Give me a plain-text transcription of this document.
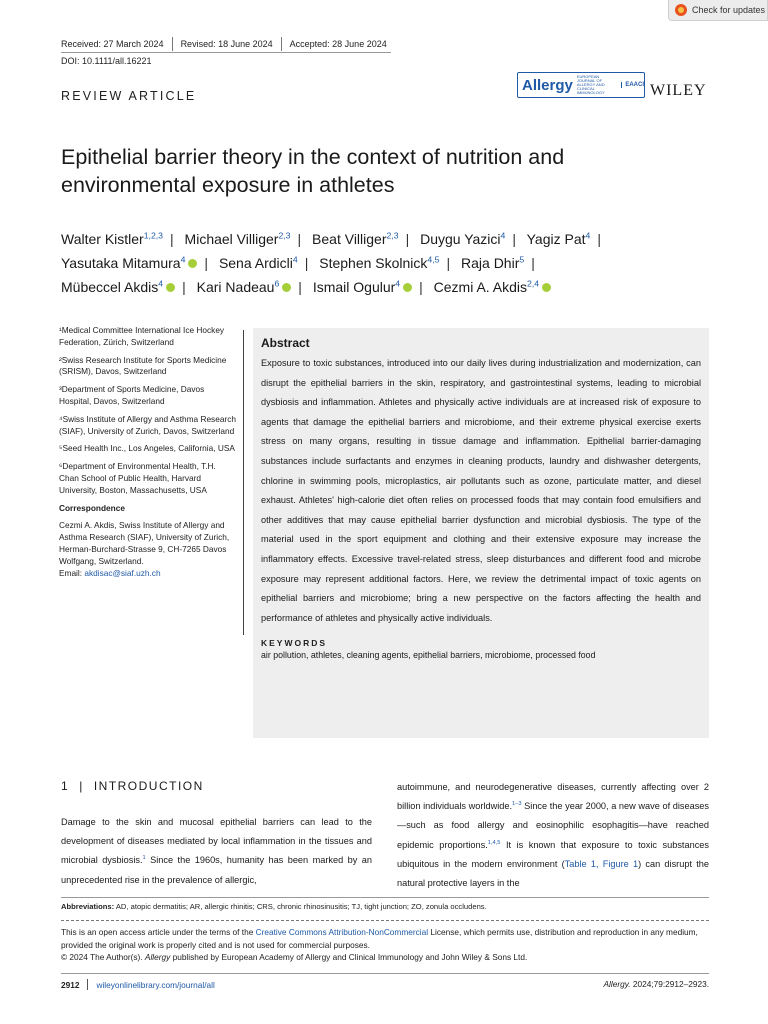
Check for updates
Received: 27 March 2024 Revised: 18 June 2024 Accepted: 28 June 2024
DOI: 10.1111/all.16221
REVIEW ARTICLE
Allergy EUROPEAN JOURNAL OF ALLERGY AND CLINICAL IMMUNOLOGY
EAACI WILEY
Epithelial barrier theory in the context of nutrition and environmental exposure in athletes
Walter Kistler$^{1,2,3}$ | Michael Villiger$^{2,3}$ | Beat Villiger$^{2,3}$ | Duygu Yazici$^4$ | Yagiz Pat$^4$ |
Yasutaka Mitamura$^4$ | Sena Ardicli$^4$ | Stephen Skolnick$^{4,5}$ | Raja Dhir$^5$ |
Mübeccel Akdis$^4$ | Kari Nadeau$^6$ | Ismail Ogulur$^4$ | Cezmi A. Akdis$^{2,4}$

¹Medical Committee International Ice Hockey Federation, Zürich, Switzerland

²Swiss Research Institute for Sports Medicine (SRISM), Davos, Switzerland

³Department of Sports Medicine, Davos Hospital, Davos, Switzerland

⁴Swiss Institute of Allergy and Asthma Research (SIAF), University of Zurich, Davos, Switzerland

⁵Seed Health Inc., Los Angeles, California, USA

⁶Department of Environmental Health, T.H. Chan School of Public Health, Harvard University, Boston, Massachusetts, USA

Correspondence

Cezmi A. Akdis, Swiss Institute of Allergy and Asthma Research (SIAF), University of Zurich, Herman-Burchard-Strasse 9, CH-7265 Davos Wolfgang, Switzerland.
Email: akdisac@siaf.uzh.ch

Abstract
Exposure to toxic substances, introduced into our daily lives during industrialization and modernization, can disrupt the epithelial barriers in the skin, respiratory, and gastrointestinal systems, leading to microbial dysbiosis and inflammation. Athletes and physically active individuals are at increased risk of exposure to agents that damage the epithelial barriers and microbiome, and their extreme physical exercise exerts stress on many organs, resulting in tissue damage and inflammation. Epithelial barrier-damaging substances include surfactants and enzymes in cleaning products, laundry and dishwasher detergents, chlorine in swimming pools, microplastics, air pollutants such as ozone, particulate matter, and diesel exhaust. Athletes' high-calorie diet often relies on processed foods that may contain food emulsifiers and other additives that may cause epithelial barrier dysfunction and microbial dysbiosis. The type of the material used in the sport equipment and clothing and their extensive exposure may increase the inflammatory effects. Excessive travel-related stress, sleep disturbances and different food and microbe exposure may represent additional factors. Here, we review the detrimental impact of toxic agents on epithelial barriers and microbiome; bring a new perspective on the factors affecting the health and performance of athletes and physically active individuals.
KEYWORDS
air pollution, athletes, cleaning agents, epithelial barriers, microbiome, processed food
1 | INTRODUCTION
Damage to the skin and mucosal epithelial barriers can lead to the development of diseases mediated by local inflammation in the tissues and microbial dysbiosis.$^1$ Since the 1960s, humanity has been marked by an unprecedented rise in the prevalence of allergic,
autoimmune, and neurodegenerative diseases, currently affecting over 2 billion individuals worldwide.$^{1-3}$ Since the year 2000, a new wave of diseases—such as food allergy and eosinophilic esophagitis—have reached epidemic proportions.$^{1,4,5}$ It is known that exposure to toxic substances ubiquitous in the modern environment (Table 1, Figure 1) can disrupt the natural protective layers in the
Abbreviations: AD, atopic dermatitis; AR, allergic rhinitis; CRS, chronic rhinosinusitis; TJ, tight junction; ZO, zonula occludens.
This is an open access article under the terms of the Creative Commons Attribution-NonCommercial License, which permits use, distribution and reproduction in any medium, provided the original work is properly cited and is not used for commercial purposes.
© 2024 The Author(s). Allergy published by European Academy of Allergy and Clinical Immunology and John Wiley & Sons Ltd.
2912 wileyonlinelibrary.com/journal/all	Allergy. 2024;79:2912–2923.
